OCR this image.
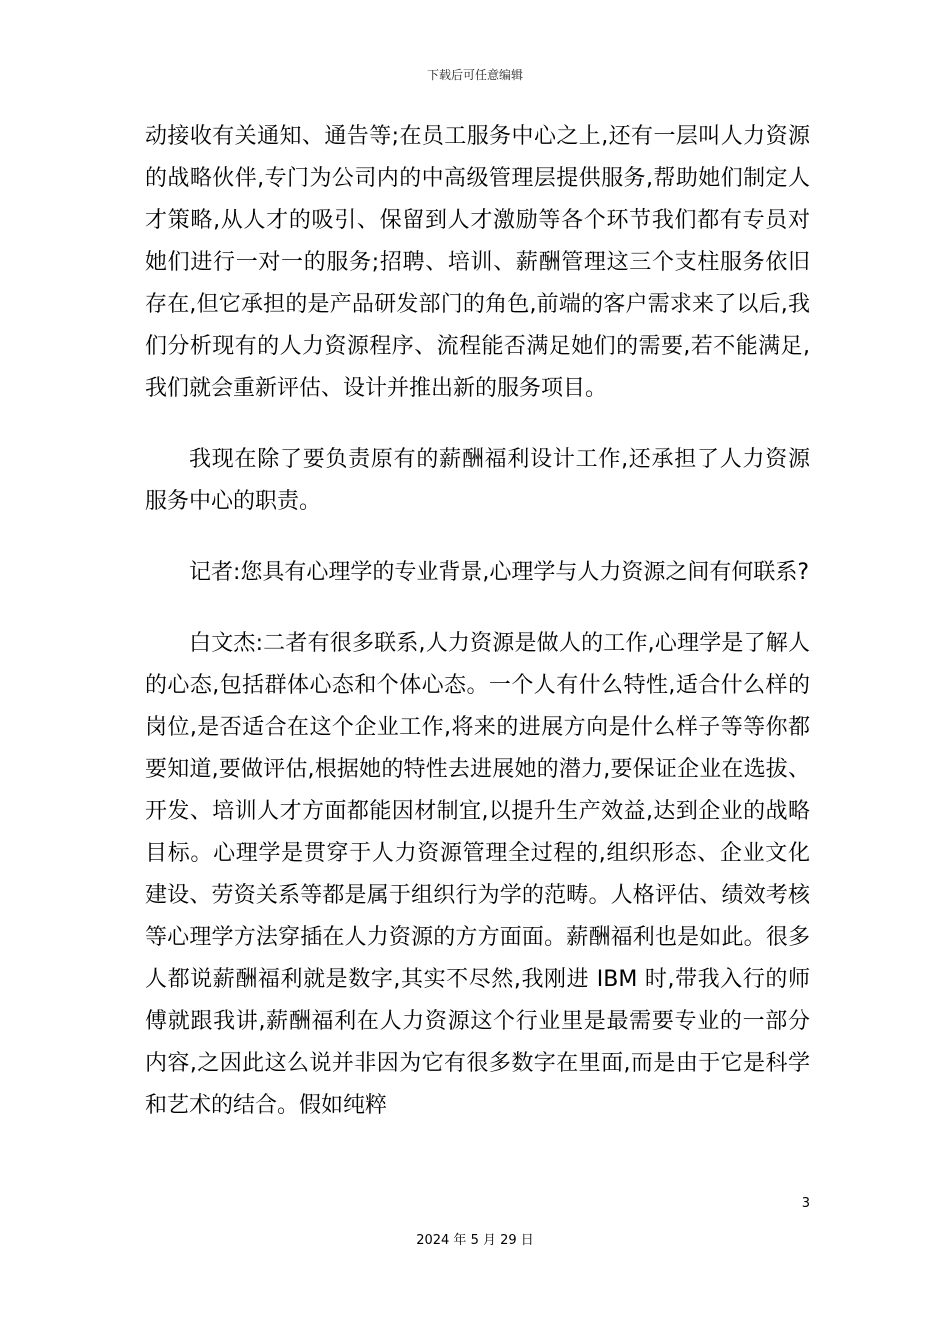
下载后可任意编辑

动接收有关通知、通告等;在员工服务中心之上,还有一层叫人力资源的战略伙伴,专门为公司内的中高级管理层提供服务,帮助她们制定人才策略,从人才的吸引、保留到人才激励等各个环节我们都有专员对她们进行一对一的服务;招聘、培训、薪酬管理这三个支柱服务依旧存在,但它承担的是产品研发部门的角色,前端的客户需求来了以后,我们分析现有的人力资源程序、流程能否满足她们的需要,若不能满足,我们就会重新评估、设计并推出新的服务项目。

我现在除了要负责原有的薪酬福利设计工作,还承担了人力资源服务中心的职责。

记者:您具有心理学的专业背景,心理学与人力资源之间有何联系?

白文杰:二者有很多联系,人力资源是做人的工作,心理学是了解人的心态,包括群体心态和个体心态。一个人有什么特性,适合什么样的岗位,是否适合在这个企业工作,将来的进展方向是什么样子等等你都要知道,要做评估,根据她的特性去进展她的潜力,要保证企业在选拔、开发、培训人才方面都能因材制宜,以提升生产效益,达到企业的战略目标。心理学是贯穿于人力资源管理全过程的,组织形态、企业文化建设、劳资关系等都是属于组织行为学的范畴。人格评估、绩效考核等心理学方法穿插在人力资源的方方面面。薪酬福利也是如此。很多人都说薪酬福利就是数字,其实不尽然,我刚进 IBM 时,带我入行的师傅就跟我讲,薪酬福利在人力资源这个行业里是最需要专业的一部分内容,之因此这么说并非因为它有很多数字在里面,而是由于它是科学和艺术的结合。假如纯粹

3
2024 年 5 月 29 日
